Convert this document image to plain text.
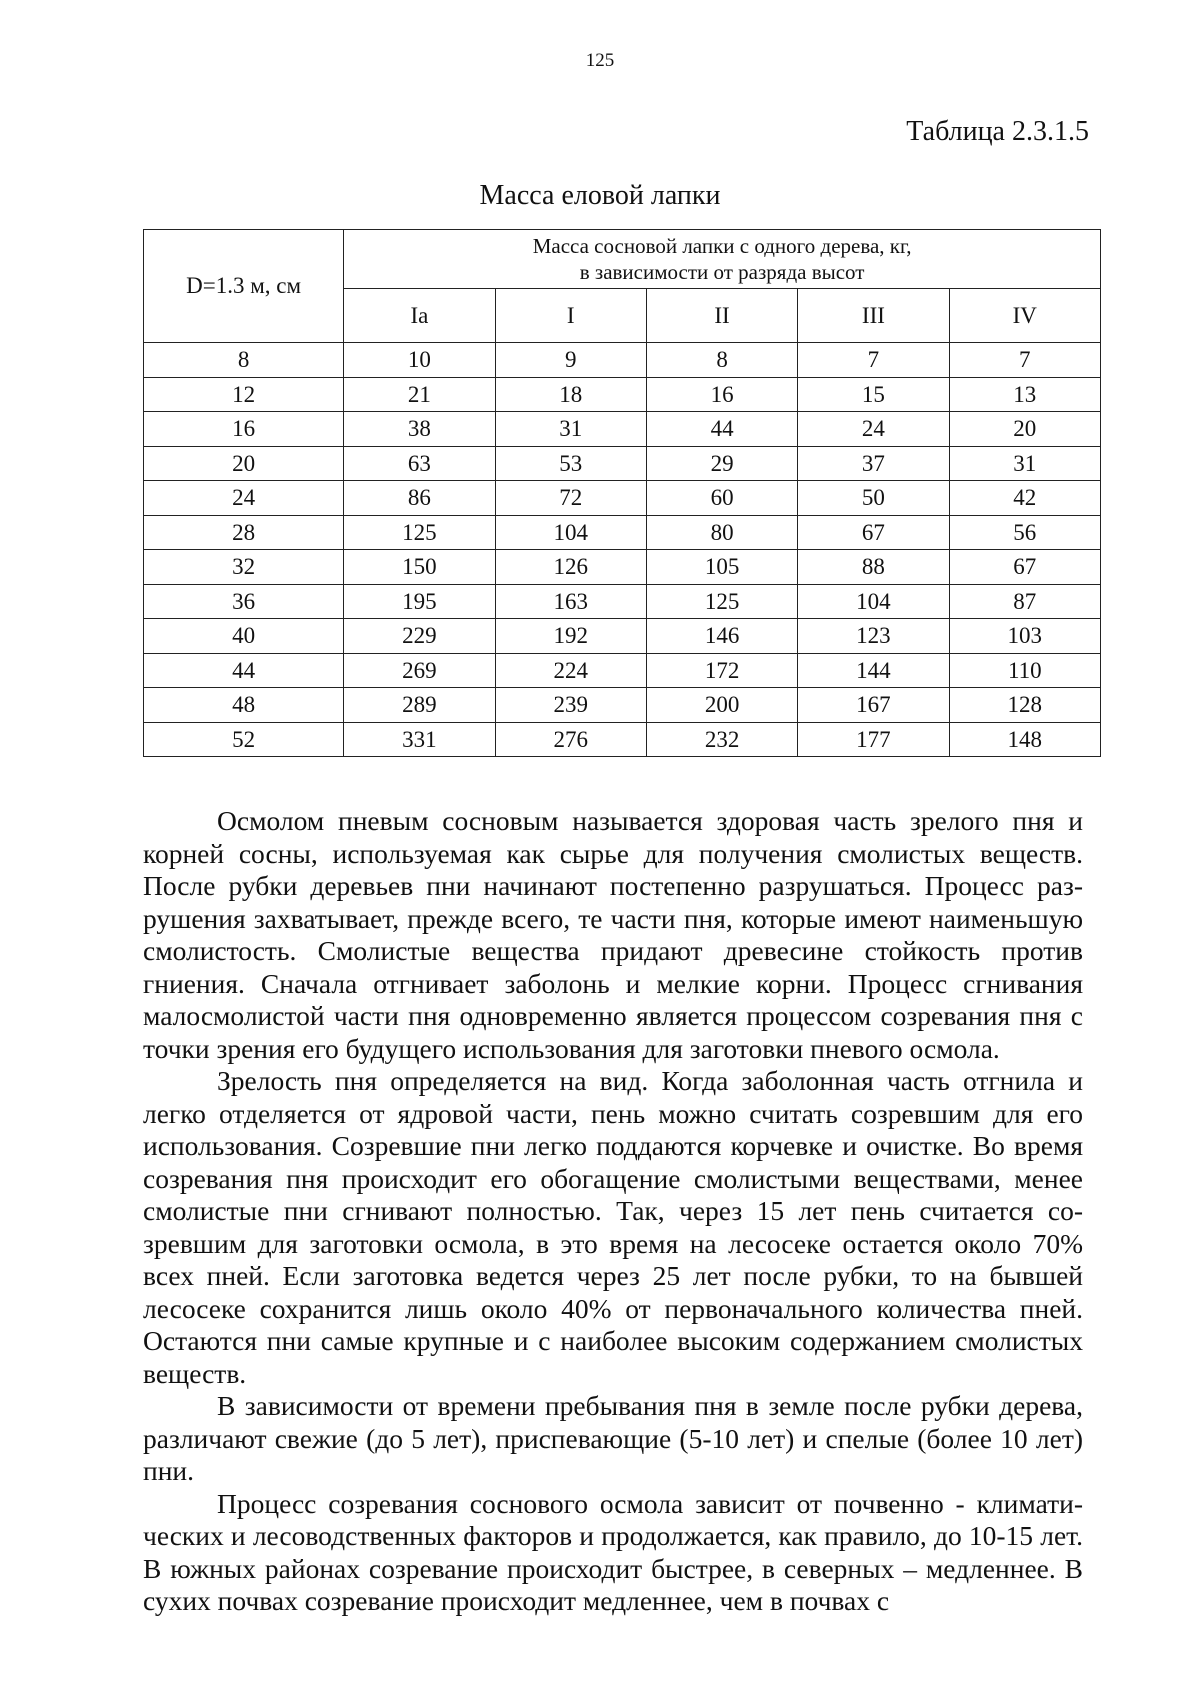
125
Таблица 2.3.1.5
Масса еловой лапки
D=1.3 м, см	Масса сосновой лапки с одного дерева, кг,
в зависимости от разряда высот				
	Ia	I	II	III	IV
8	10	9	8	7	7
12	21	18	16	15	13
16	38	31	44	24	20
20	63	53	29	37	31
24	86	72	60	50	42
28	125	104	80	67	56
32	150	126	105	88	67
36	195	163	125	104	87
40	229	192	146	123	103
44	269	224	172	144	110
48	289	239	200	167	128
52	331	276	232	177	148

Осмолом пневым сосновым называется здоровая часть зрелого пня и корней сосны, используемая как сырье для получения смолистых веществ. После рубки деревьев пни начинают постепенно разрушаться. Процесс разрушения захватывает, прежде всего, те части пня, которые имеют наименьшую смолистость. Смолистые вещества придают древесине стойкость против гниения. Сначала отгнивает заболонь и мелкие корни. Процесс сгнивания малосмолистой части пня одновременно является процессом созревания пня с точки зрения его будущего использования для заготовки пневого осмола.

Зрелость пня определяется на вид. Когда заболонная часть отгнила и легко отделяется от ядровой части, пень можно считать созревшим для его использования. Созревшие пни легко поддаются корчевке и очистке. Во время созревания пня происходит его обогащение смолистыми веществами, менее смолистые пни сгнивают полностью. Так, через 15 лет пень считается созревшим для заготовки осмола, в это время на лесосеке остается около 70% всех пней. Если заготовка ведется через 25 лет после рубки, то на бывшей лесосеке сохранится лишь около 40% от первоначального количества пней. Остаются пни самые крупные и с наиболее высоким содержанием смолистых веществ.

В зависимости от времени пребывания пня в земле после рубки дерева, различают свежие (до 5 лет), приспевающие (5-10 лет) и спелые (более 10 лет) пни.

Процесс созревания соснового осмола зависит от почвенно - климатических и лесоводственных факторов и продолжается, как правило, до 10-15 лет. В южных районах созревание происходит быстрее, в северных – медленнее. В сухих почвах созревание происходит медленнее, чем в почвах с
